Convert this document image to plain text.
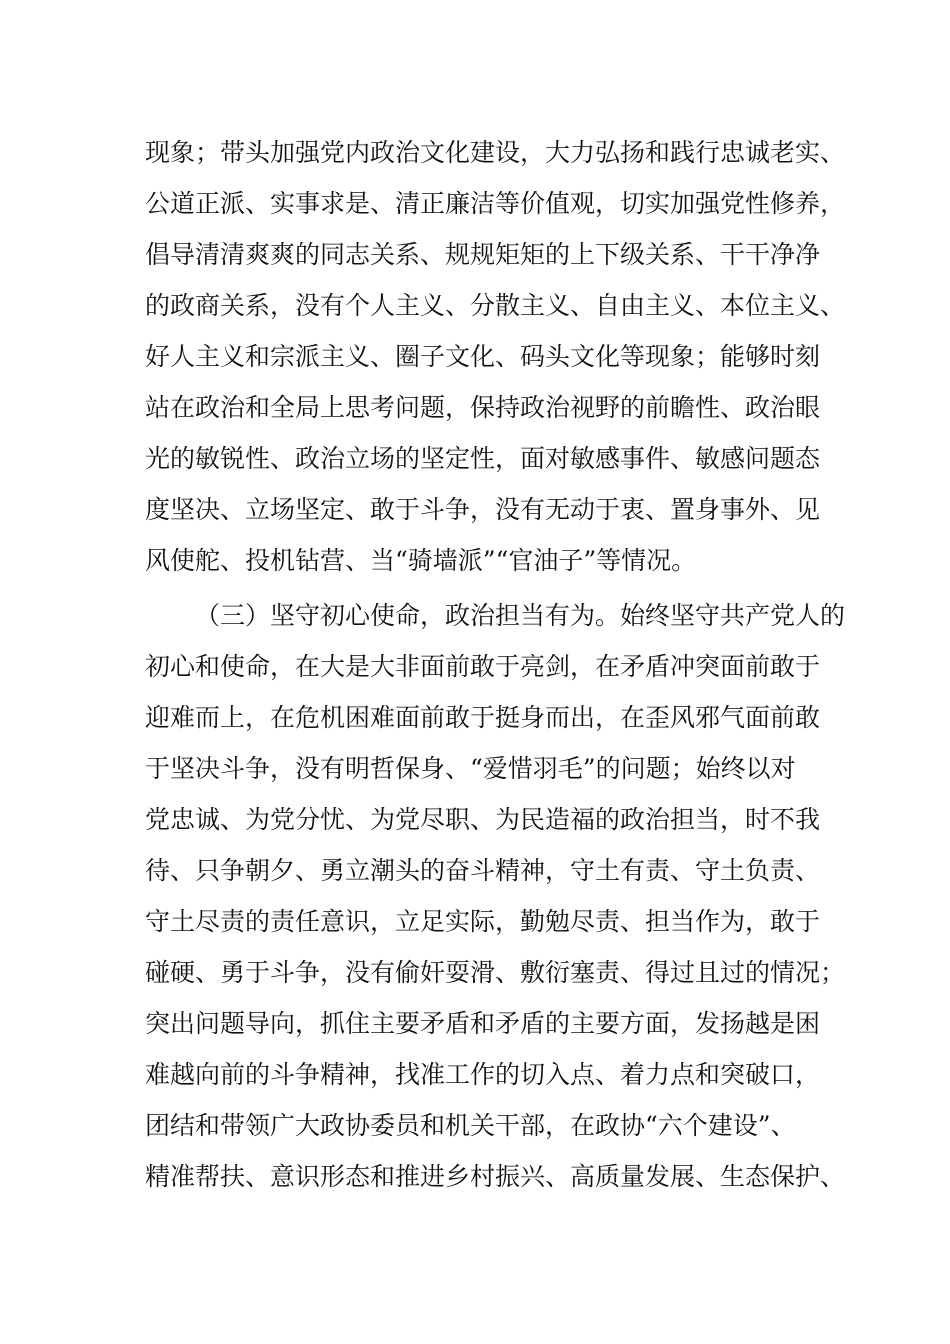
现象；带头加强党内政治文化建设，大力弘扬和践行忠诚老实、
公道正派、实事求是、清正廉洁等价值观，切实加强党性修养，
倡导清清爽爽的同志关系、规规矩矩的上下级关系、干干净净
的政商关系，没有个人主义、分散主义、自由主义、本位主义、
好人主义和宗派主义、圈子文化、码头文化等现象；能够时刻
站在政治和全局上思考问题，保持政治视野的前瞻性、政治眼
光的敏锐性、政治立场的坚定性，面对敏感事件、敏感问题态
度坚决、立场坚定、敢于斗争，没有无动于衷、置身事外、见
风使舵、投机钻营、当“骑墙派”“官油子”等情况。
（三）坚守初心使命，政治担当有为。始终坚守共产党人的
初心和使命，在大是大非面前敢于亮剑，在矛盾冲突面前敢于
迎难而上，在危机困难面前敢于挺身而出，在歪风邪气面前敢
于坚决斗争，没有明哲保身、“爱惜羽毛”的问题；始终以对
党忠诚、为党分忧、为党尽职、为民造福的政治担当，时不我
待、只争朝夕、勇立潮头的奋斗精神，守土有责、守土负责、
守土尽责的责任意识，立足实际，勤勉尽责、担当作为，敢于
碰硬、勇于斗争，没有偷奸耍滑、敷衍塞责、得过且过的情况；
突出问题导向，抓住主要矛盾和矛盾的主要方面，发扬越是困
难越向前的斗争精神，找准工作的切入点、着力点和突破口，
团结和带领广大政协委员和机关干部，在政协“六个建设”、
精准帮扶、意识形态和推进乡村振兴、高质量发展、生态保护、
